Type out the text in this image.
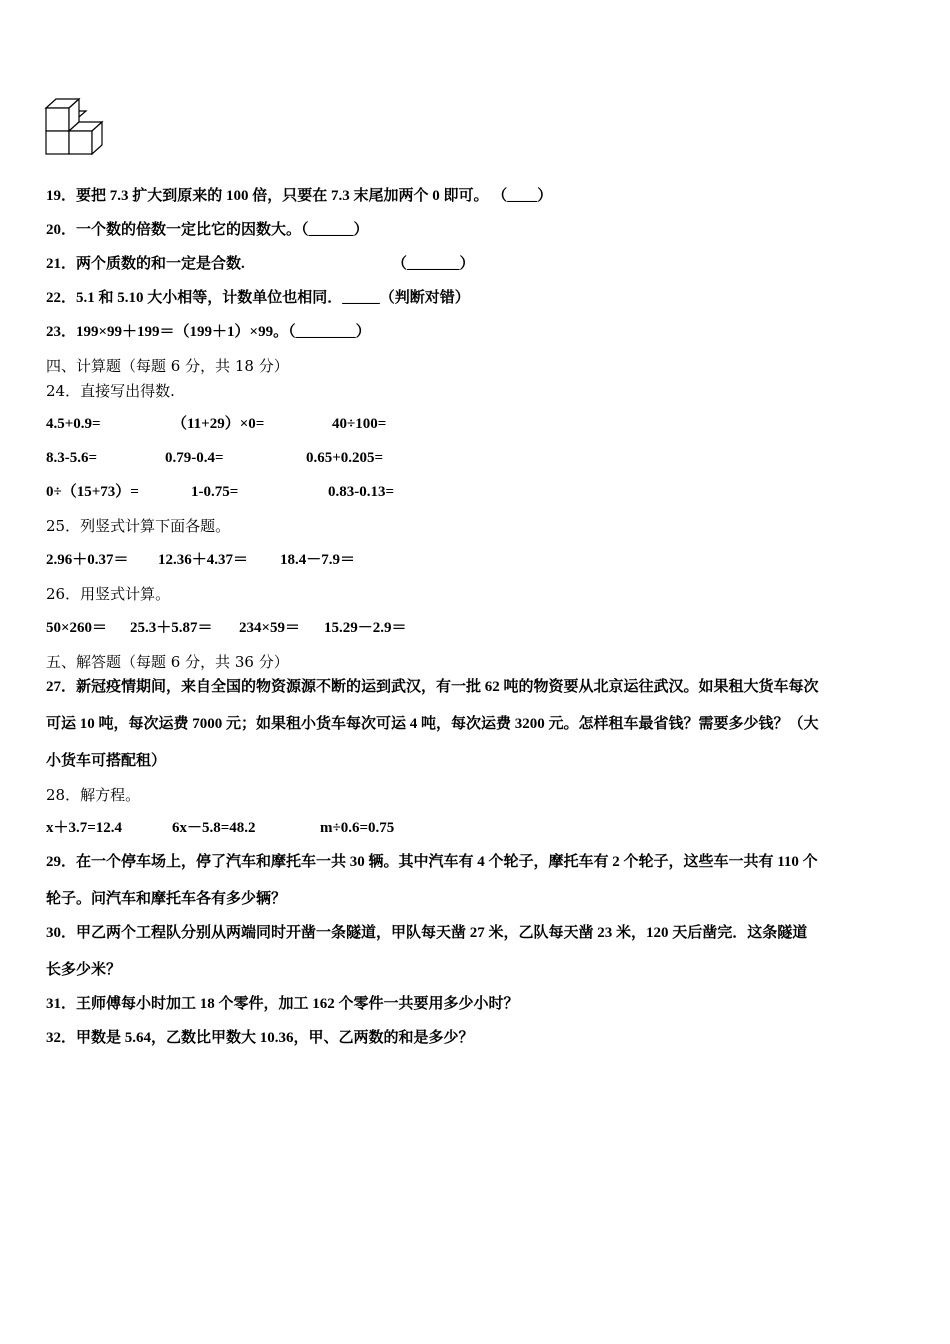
19．要把 7.3 扩大到原来的 100 倍，只要在 7.3 末尾加两个 0 即可。 （____）
20．一个数的倍数一定比它的因数大。（______）
21．两个质数的和一定是合数.	（_______）
22．5.1 和 5.10 大小相等，计数单位也相同．_____（判断对错）
23．199×99＋199＝（199＋1）×99。（________）
四、计算题（每题 6 分，共 18 分）
24．直接写出得数.
4.5+0.9=	（11+29）×0=	40÷100=
8.3-5.6=	0.79-0.4=	0.65+0.205=
0÷（15+73）=	1-0.75=	0.83-0.13=
25．列竖式计算下面各题。
2.96＋0.37＝ 12.36＋4.37＝ 18.4－7.9＝
26．用竖式计算。
50×260＝ 25.3＋5.87＝ 234×59＝ 15.29－2.9＝
五、解答题（每题 6 分，共 36 分）
27．新冠疫情期间，来自全国的物资源源不断的运到武汉，有一批 62 吨的物资要从北京运往武汉。如果租大货车每次
可运 10 吨，每次运费 7000 元；如果租小货车每次可运 4 吨，每次运费 3200 元。怎样租车最省钱？需要多少钱？（大
小货车可搭配租）
28．解方程。
x＋3.7=12.4	6x－5.8=48.2	m÷0.6=0.75
29．在一个停车场上，停了汽车和摩托车一共 30 辆。其中汽车有 4 个轮子，摩托车有 2 个轮子，这些车一共有 110 个
轮子。问汽车和摩托车各有多少辆？
30．甲乙两个工程队分别从两端同时开凿一条隧道，甲队每天凿 27 米，乙队每天凿 23 米，120 天后凿完．这条隧道
长多少米？
31．王师傅每小时加工 18 个零件，加工 162 个零件一共要用多少小时？
32．甲数是 5.64，乙数比甲数大 10.36，甲、乙两数的和是多少？
